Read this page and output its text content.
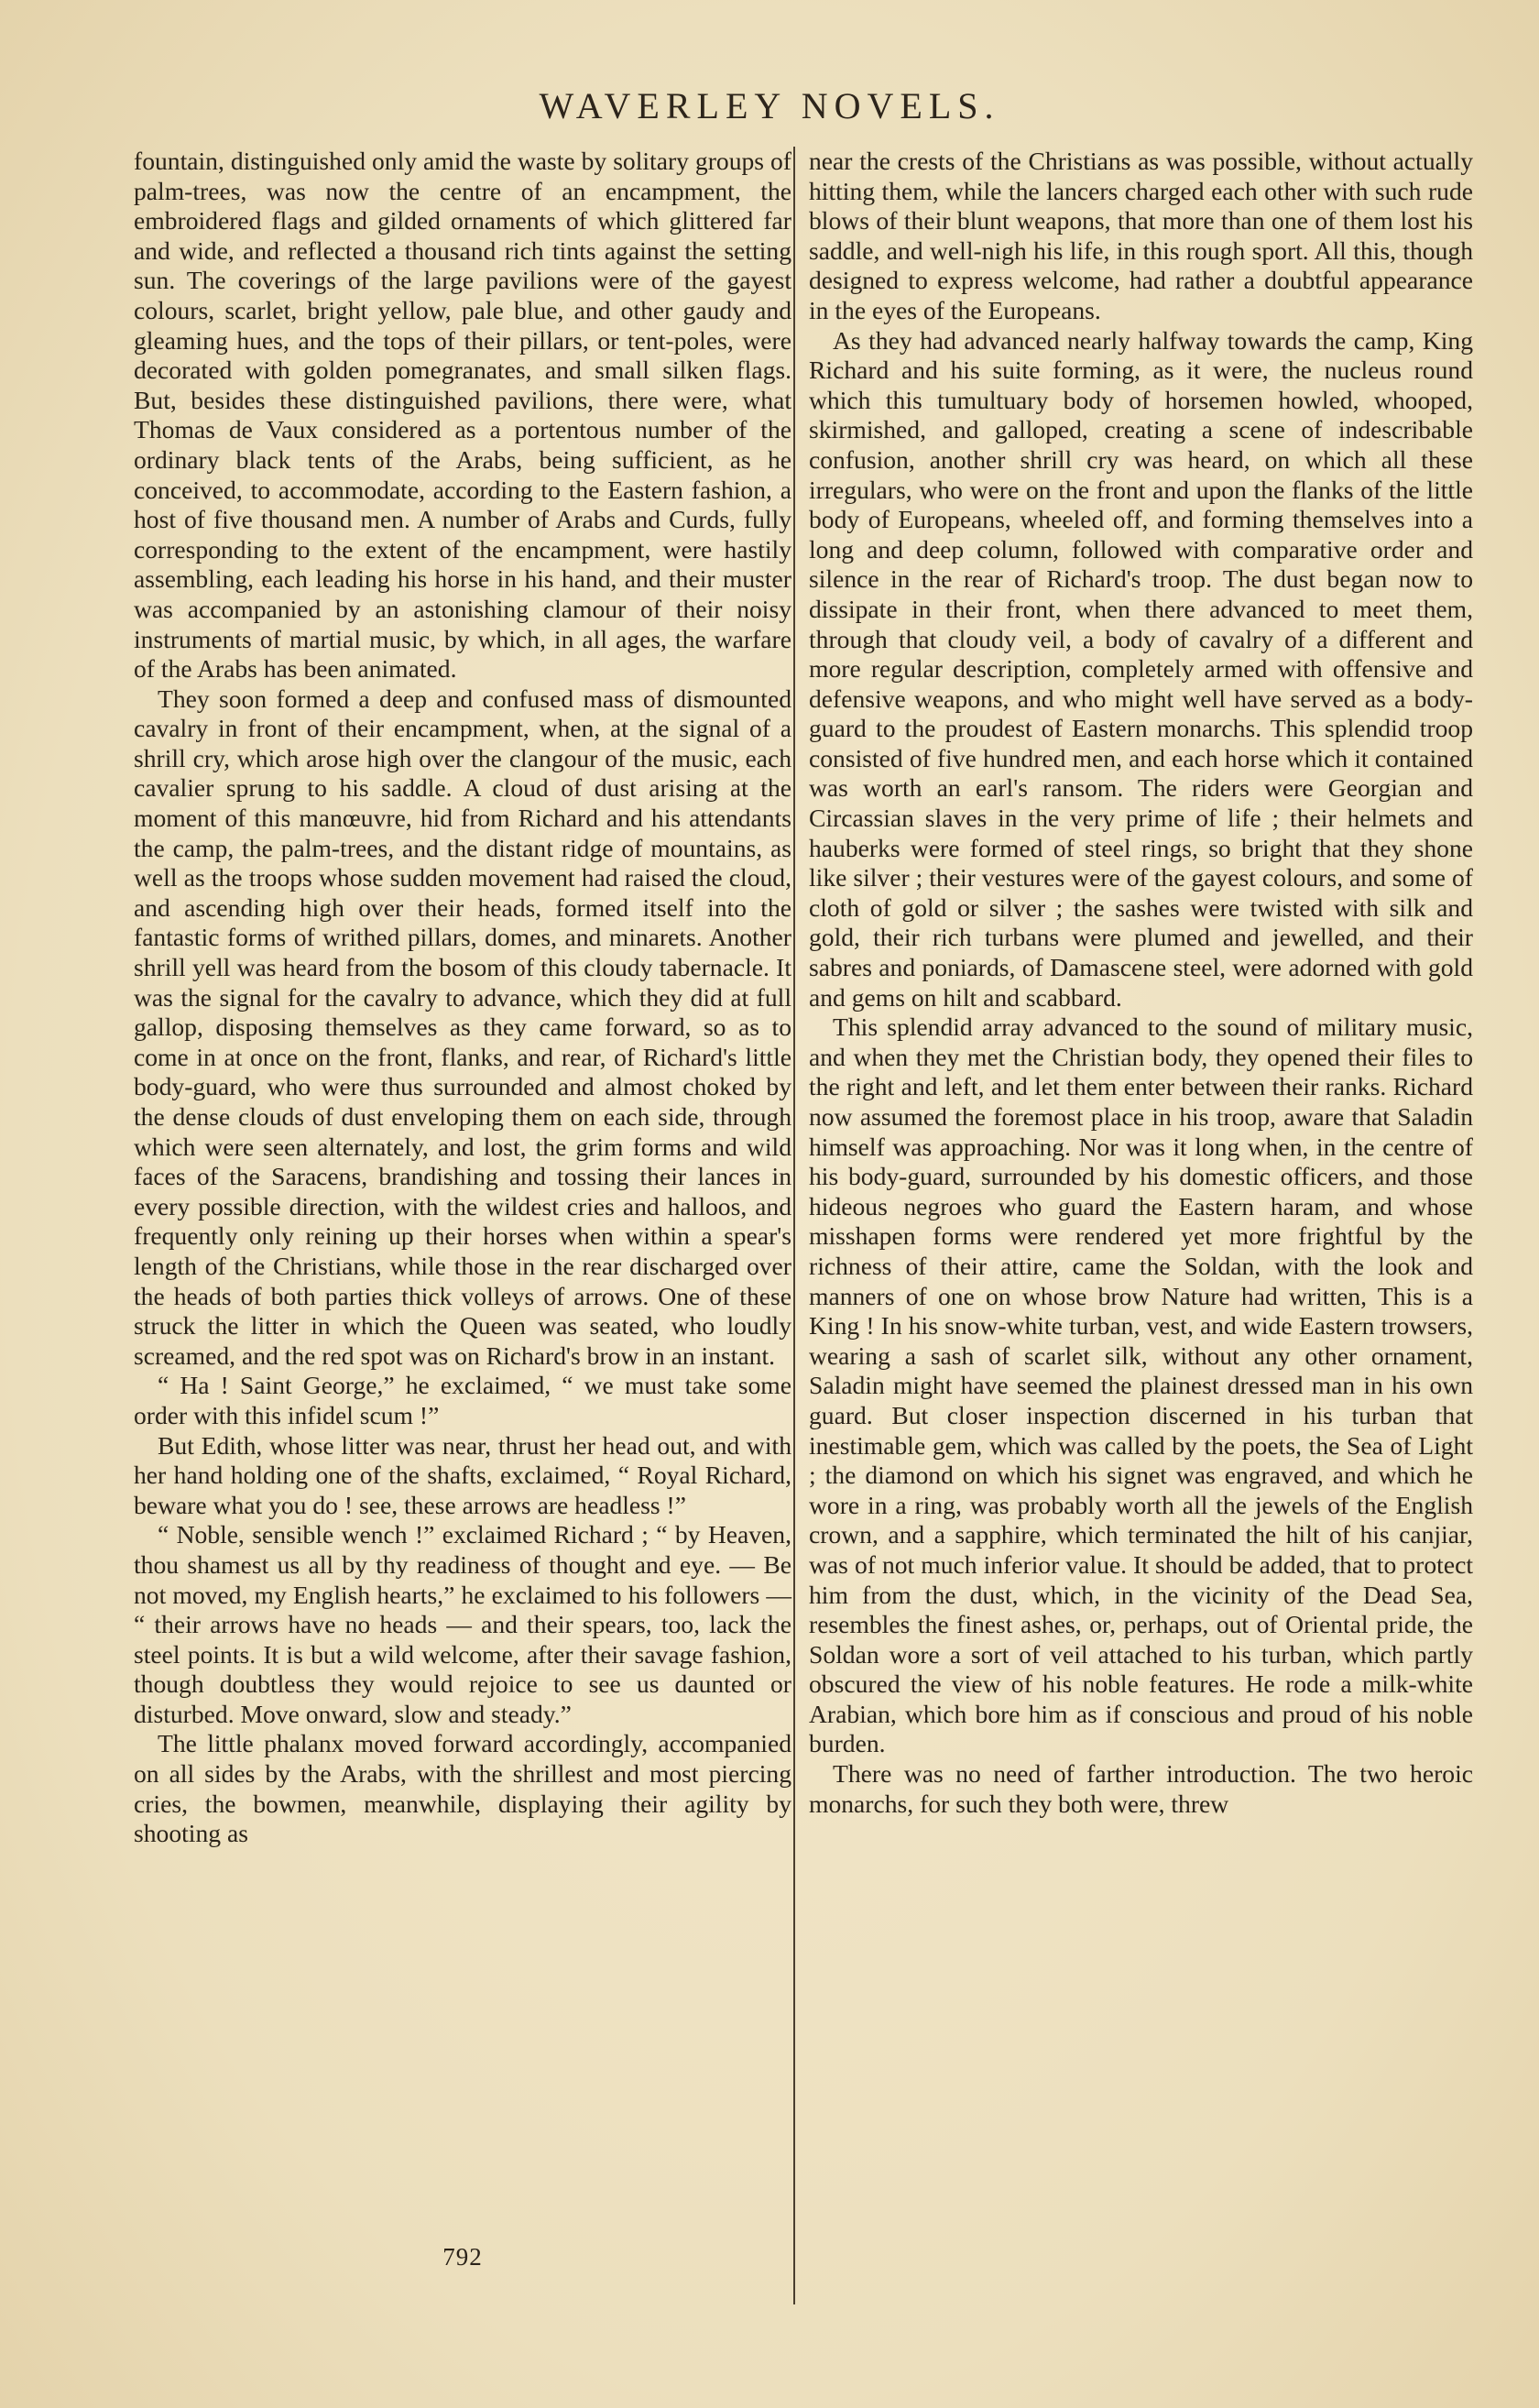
WAVERLEY NOVELS.

fountain, distinguished only amid the waste by solitary groups of palm-trees, was now the centre of an encampment, the embroidered flags and gilded ornaments of which glittered far and wide, and reflected a thousand rich tints against the setting sun. The coverings of the large pavilions were of the gayest colours, scarlet, bright yellow, pale blue, and other gaudy and gleaming hues, and the tops of their pillars, or tent-poles, were decorated with golden pomegranates, and small silken flags. But, besides these distinguished pavilions, there were, what Thomas de Vaux considered as a portentous number of the ordinary black tents of the Arabs, being sufficient, as he conceived, to accommodate, according to the Eastern fashion, a host of five thousand men. A number of Arabs and Curds, fully corresponding to the extent of the encampment, were hastily assembling, each leading his horse in his hand, and their muster was accompanied by an astonishing clamour of their noisy instruments of martial music, by which, in all ages, the warfare of the Arabs has been animated.

They soon formed a deep and confused mass of dismounted cavalry in front of their encampment, when, at the signal of a shrill cry, which arose high over the clangour of the music, each cavalier sprung to his saddle. A cloud of dust arising at the moment of this manœuvre, hid from Richard and his attendants the camp, the palm-trees, and the distant ridge of mountains, as well as the troops whose sudden movement had raised the cloud, and ascending high over their heads, formed itself into the fantastic forms of writhed pillars, domes, and minarets. Another shrill yell was heard from the bosom of this cloudy tabernacle. It was the signal for the cavalry to advance, which they did at full gallop, disposing themselves as they came forward, so as to come in at once on the front, flanks, and rear, of Richard's little body-guard, who were thus surrounded and almost choked by the dense clouds of dust enveloping them on each side, through which were seen alternately, and lost, the grim forms and wild faces of the Saracens, brandishing and tossing their lances in every possible direction, with the wildest cries and halloos, and frequently only reining up their horses when within a spear's length of the Christians, while those in the rear discharged over the heads of both parties thick volleys of arrows. One of these struck the litter in which the Queen was seated, who loudly screamed, and the red spot was on Richard's brow in an instant.

“ Ha ! Saint George,” he exclaimed, “ we must take some order with this infidel scum !”

But Edith, whose litter was near, thrust her head out, and with her hand holding one of the shafts, exclaimed, “ Royal Richard, beware what you do ! see, these arrows are headless !”

“ Noble, sensible wench !” exclaimed Richard ; “ by Heaven, thou shamest us all by thy readiness of thought and eye. — Be not moved, my English hearts,” he exclaimed to his followers — “ their arrows have no heads — and their spears, too, lack the steel points. It is but a wild welcome, after their savage fashion, though doubtless they would rejoice to see us daunted or disturbed. Move onward, slow and steady.”

The little phalanx moved forward accordingly, accompanied on all sides by the Arabs, with the shrillest and most piercing cries, the bowmen, meanwhile, displaying their agility by shooting as

near the crests of the Christians as was possible, without actually hitting them, while the lancers charged each other with such rude blows of their blunt weapons, that more than one of them lost his saddle, and well-nigh his life, in this rough sport. All this, though designed to express welcome, had rather a doubtful appearance in the eyes of the Europeans.

As they had advanced nearly halfway towards the camp, King Richard and his suite forming, as it were, the nucleus round which this tumultuary body of horsemen howled, whooped, skirmished, and galloped, creating a scene of indescribable confusion, another shrill cry was heard, on which all these irregulars, who were on the front and upon the flanks of the little body of Europeans, wheeled off, and forming themselves into a long and deep column, followed with comparative order and silence in the rear of Richard's troop. The dust began now to dissipate in their front, when there advanced to meet them, through that cloudy veil, a body of cavalry of a different and more regular description, completely armed with offensive and defensive weapons, and who might well have served as a body-guard to the proudest of Eastern monarchs. This splendid troop consisted of five hundred men, and each horse which it contained was worth an earl's ransom. The riders were Georgian and Circassian slaves in the very prime of life ; their helmets and hauberks were formed of steel rings, so bright that they shone like silver ; their vestures were of the gayest colours, and some of cloth of gold or silver ; the sashes were twisted with silk and gold, their rich turbans were plumed and jewelled, and their sabres and poniards, of Damascene steel, were adorned with gold and gems on hilt and scabbard.

This splendid array advanced to the sound of military music, and when they met the Christian body, they opened their files to the right and left, and let them enter between their ranks. Richard now assumed the foremost place in his troop, aware that Saladin himself was approaching. Nor was it long when, in the centre of his body-guard, surrounded by his domestic officers, and those hideous negroes who guard the Eastern haram, and whose misshapen forms were rendered yet more frightful by the richness of their attire, came the Soldan, with the look and manners of one on whose brow Nature had written, This is a King ! In his snow-white turban, vest, and wide Eastern trowsers, wearing a sash of scarlet silk, without any other ornament, Saladin might have seemed the plainest dressed man in his own guard. But closer inspection discerned in his turban that inestimable gem, which was called by the poets, the Sea of Light ; the diamond on which his signet was engraved, and which he wore in a ring, was probably worth all the jewels of the English crown, and a sapphire, which terminated the hilt of his canjiar, was of not much inferior value. It should be added, that to protect him from the dust, which, in the vicinity of the Dead Sea, resembles the finest ashes, or, perhaps, out of Oriental pride, the Soldan wore a sort of veil attached to his turban, which partly obscured the view of his noble features. He rode a milk-white Arabian, which bore him as if conscious and proud of his noble burden.

There was no need of farther introduction. The two heroic monarchs, for such they both were, threw

792
